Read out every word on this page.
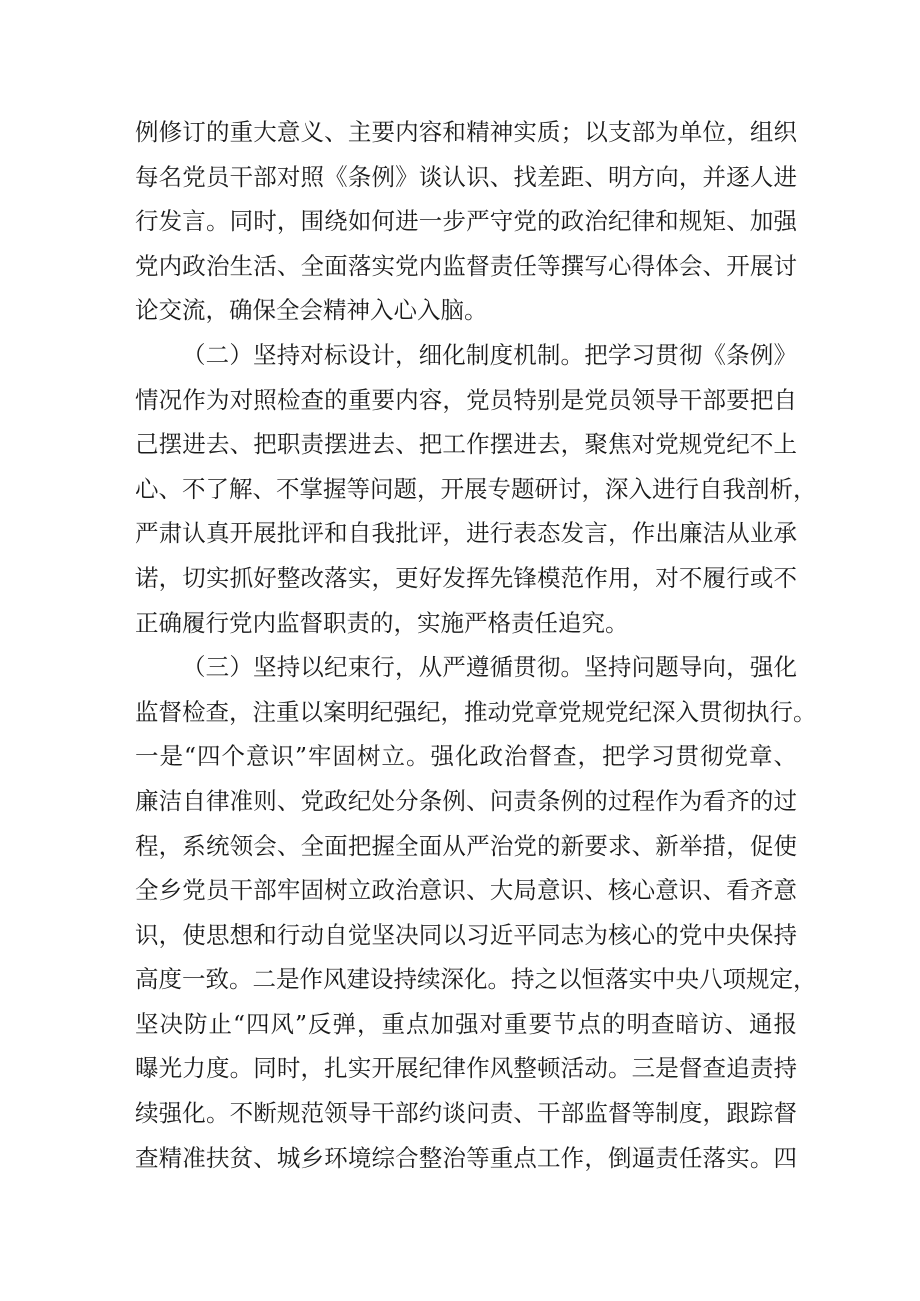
例修订的重大意义、主要内容和精神实质；以支部为单位，组织
每名党员干部对照《条例》谈认识、找差距、明方向，并逐人进
行发言。同时，围绕如何进一步严守党的政治纪律和规矩、加强
党内政治生活、全面落实党内监督责任等撰写心得体会、开展讨
论交流，确保全会精神入心入脑。
（二）坚持对标设计，细化制度机制。把学习贯彻《条例》
情况作为对照检查的重要内容，党员特别是党员领导干部要把自
己摆进去、把职责摆进去、把工作摆进去，聚焦对党规党纪不上
心、不了解、不掌握等问题，开展专题研讨，深入进行自我剖析，
严肃认真开展批评和自我批评，进行表态发言，作出廉洁从业承
诺，切实抓好整改落实，更好发挥先锋模范作用，对不履行或不
正确履行党内监督职责的，实施严格责任追究。
（三）坚持以纪束行，从严遵循贯彻。坚持问题导向，强化
监督检查，注重以案明纪强纪，推动党章党规党纪深入贯彻执行。
一是“四个意识”牢固树立。强化政治督查，把学习贯彻党章、
廉洁自律准则、党政纪处分条例、问责条例的过程作为看齐的过
程，系统领会、全面把握全面从严治党的新要求、新举措，促使
全乡党员干部牢固树立政治意识、大局意识、核心意识、看齐意
识，使思想和行动自觉坚决同以习近平同志为核心的党中央保持
高度一致。二是作风建设持续深化。持之以恒落实中央八项规定，
坚决防止“四风”反弹，重点加强对重要节点的明查暗访、通报
曝光力度。同时，扎实开展纪律作风整顿活动。三是督查追责持
续强化。不断规范领导干部约谈问责、干部监督等制度，跟踪督
查精准扶贫、城乡环境综合整治等重点工作，倒逼责任落实。四
